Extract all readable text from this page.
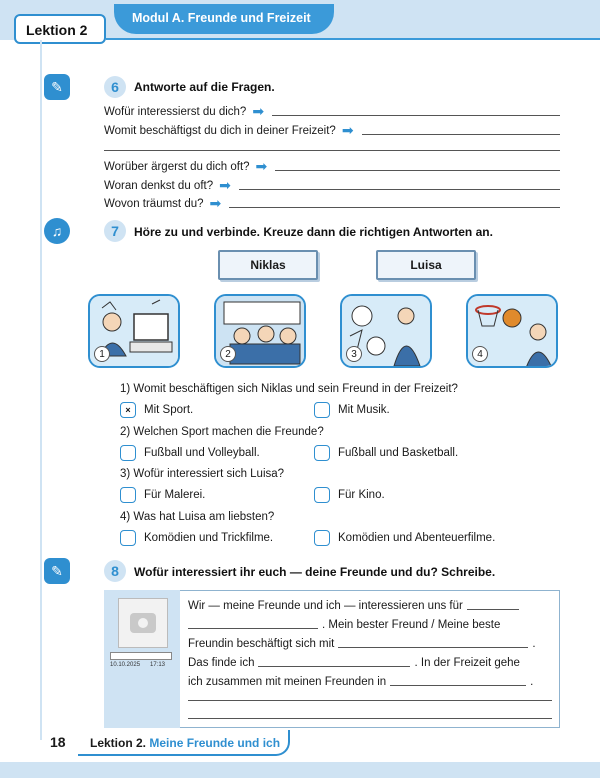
Modul A. Freunde und Freizeit
Lektion 2
✎	6	Antworte auf die Fragen.
Wofür interessierst du dich? ➡
Womit beschäftigst du dich in deiner Freizeit? ➡
Worüber ärgerst du dich oft? ➡
Woran denkst du oft? ➡
Wovon träumst du? ➡
♫	7	Höre zu und verbinde. Kreuze dann die richtigen Antworten an.
Niklas	Luisa
1	2	3	4
1) Womit beschäftigen sich Niklas und sein Freund in der Freizeit?
×	Mit Sport.	Mit Musik.
2) Welchen Sport machen die Freunde?
Fußball und Volleyball.	Fußball und Basketball.
3) Wofür interessiert sich Luisa?
Für Malerei.	Für Kino.
4) Was hat Luisa am liebsten?
Komödien und Trickfilme.	Komödien und Abenteuerfilme.
✎	8	Wofür interessiert ihr euch — deine Freunde und du? Schreibe.
10.10.2025 17:13
Wir — meine Freunde und ich — interessieren uns für
. Mein bester Freund / Meine beste
Freundin beschäftigt sich mit	.
Das finde ich	. In der Freizeit gehe
ich zusammen mit meinen Freunden in	.
18 Lektion 2. Meine Freunde und ich
